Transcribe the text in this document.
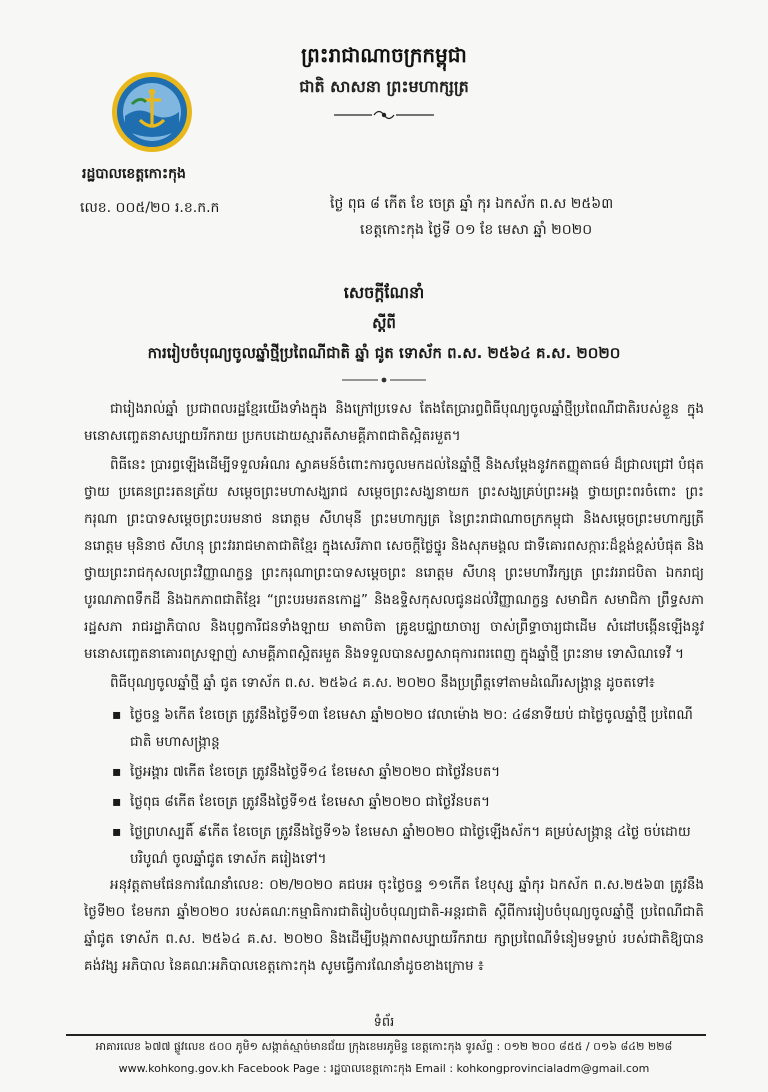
ព្រះរាជាណាចក្រកម្ពុជា
ជាតិ សាសនា ព្រះមហាក្សត្រ
រដ្ឋបាលខេត្តកោះកុង
លេខ. ០០៥/២០ រ.ខ.ក.ក	ថ្ងៃ ពុធ ៨ កើត ខែ ចេត្រ ឆ្នាំ កុរ ឯកស័ក ព.ស ២៥៦៣
ខេត្តកោះកុង ថ្ងៃទី ០១ ខែ មេសា ឆ្នាំ ២០២០
សេចក្តីណែនាំ
ស្តីពី
ការរៀបចំបុណ្យចូលឆ្នាំថ្មីប្រពៃណីជាតិ ឆ្នាំ ជូត ទោស័ក ព.ស. ២៥៦៤ គ.ស. ២០២០
ជារៀងរាល់ឆ្នាំ ប្រជាពលរដ្ឋខ្មែរយើងទាំងក្នុង និងក្រៅប្រទេស តែងតែប្រារព្ធពិធីបុណ្យចូលឆ្នាំថ្មីប្រពៃណីជាតិរបស់ខ្លួន ក្នុងមនោសញ្ចេតនាសប្បាយរីករាយ ប្រកបដោយស្មារតីសាមគ្គីភាពជាតិស្អិតរមួត។
ពិធីនេះ ប្រារព្ធឡើងដើម្បីទទួលអំណរ ស្វាគមន៍ចំពោះការចូលមកដល់នៃឆ្នាំថ្មី និងសម្តែងនូវកតញ្ញុតាធម៌ ដ៏ជ្រាលជ្រៅ បំផុតថ្វាយ ប្រគេនព្រះរតនត្រ័យ សម្តេចព្រះមហាសង្ឃរាជ សម្តេចព្រះសង្ឃនាយក ព្រះសង្ឃគ្រប់ព្រះអង្គ ថ្វាយព្រះពរចំពោះ ព្រះករុណា ព្រះបាទសម្តេចព្រះបរមនាថ នរោត្តម សីហមុនី ព្រះមហាក្សត្រ នៃព្រះរាជាណាចក្រកម្ពុជា និងសម្តេចព្រះមហាក្សត្រី នរោត្តម មុនិនាថ សីហនុ ព្រះវររាជមាតាជាតិខ្មែរ ក្នុងសេរីភាព សេចក្តីថ្លៃថ្នូរ និងសុភមង្គល ជាទីគោរពសក្ការៈដ៏ខ្ពង់ខ្ពស់បំផុត និង ថ្វាយព្រះរាជកុសលព្រះវិញ្ញាណក្ខន្ធ ព្រះករុណាព្រះបាទសម្តេចព្រះ នរោត្តម សីហនុ ព្រះមហាវីរក្សត្រ ព្រះវររាជបិតា ឯករាជ្យ បូរណភាពទឹកដី និងឯកភាពជាតិខ្មែរ “ព្រះបរមរតនកោដ្ឋ” និងឧទ្ទិសកុសលជូនដល់វិញ្ញាណក្ខន្ធ សមាជិក សមាជិកា ព្រឹទ្ធសភា រដ្ឋសភា រាជរដ្ឋាភិបាល និងបុព្វការីជនទាំងឡាយ មាតាបិតា គ្រូឧបជ្ឈាយាចារ្យ ចាស់ព្រឹទ្ធាចារ្យជាដើម សំដៅបង្កើនឡើងនូវ មនោសញ្ចេតនាគោរពស្រឡាញ់ សាមគ្គីភាពស្អិតរមួត និងទទួលបានសព្វសាធុការពរពេញ ក្នុងឆ្នាំថ្មី ព្រះនាម ទោសិណទេវី ។
ពិធីបុណ្យចូលឆ្នាំថ្មី ឆ្នាំ ជូត ទោស័ក ព.ស. ២៥៦៤ គ.ស. ២០២០ នឹងប្រព្រឹត្តទៅតាមដំណើរសង្ក្រាន្ត ដូចតទៅ៖
▪ ថ្ងៃចន្ទ ៦កើត ខែចេត្រ ត្រូវនឹងថ្ងៃទី១៣ ខែមេសា ឆ្នាំ២០២០ វេលាម៉ោង ២០: ៤៨នាទីយប់ ជាថ្ងៃចូលឆ្នាំថ្មី ប្រពៃណីជាតិ មហាសង្ក្រាន្ត
▪ ថ្ងៃអង្គារ ៧កើត ខែចេត្រ ត្រូវនឹងថ្ងៃទី១៤ ខែមេសា ឆ្នាំ២០២០ ជាថ្ងៃវ័នបត។
▪ ថ្ងៃពុធ ៨កើត ខែចេត្រ ត្រូវនឹងថ្ងៃទី១៥ ខែមេសា ឆ្នាំ២០២០ ជាថ្ងៃវ័នបត។
▪ ថ្ងៃព្រហស្បតិ៍ ៩កើត ខែចេត្រ ត្រូវនឹងថ្ងៃទី១៦ ខែមេសា ឆ្នាំ២០២០ ជាថ្ងៃឡើងស័ក។ គម្រប់សង្ក្រាន្ត ៤ថ្ងៃ ចប់ដោយបរិបូណ៌ ចូលឆ្នាំជូត ទោស័ក គរៀងទៅ។
អនុវត្តតាមផែនការណែនាំលេខ: ០២/២០២០ គជបអ ចុះថ្ងៃចន្ទ ១១កើត ខែបុស្ស ឆ្នាំកុរ ឯកស័ក ព.ស.២៥៦៣ ត្រូវនឹងថ្ងៃទី២០ ខែមករា ឆ្នាំ២០២០ របស់គណៈកម្មាធិការជាតិរៀបចំបុណ្យជាតិ-អន្តរជាតិ ស្តីពីការរៀបចំបុណ្យចូលឆ្នាំថ្មី ប្រពៃណីជាតិ ឆ្នាំជូត ទោស័ក ព.ស. ២៥៦៤ គ.ស. ២០២០ និងដើម្បីបង្កភាពសប្បាយរីករាយ ក្សាប្រពៃណីទំនៀមទម្លាប់ របស់ជាតិឱ្យបានគង់វង្ស អភិបាល នៃគណៈអភិបាលខេត្តកោះកុង សូមធ្វើការណែនាំដូចខាងក្រោម ៖
ទំព័រ
អាគារលេខ ៦៧៧ ផ្លូវលេខ ៥០០ ភូមិ១ សង្កាត់ស្មាច់មានជ័យ ក្រុងខេមរភូមិន្ទ ខេត្តកោះកុង ទូរស័ព្ទ : ០១២ ២០០ ៨៥៥ / ០១៦ ៨៤២ ២២៨
www.kohkong.gov.kh Facebook Page : រដ្ឋបាលខេត្តកោះកុង Email : kohkongprovincialadm@gmail.com
